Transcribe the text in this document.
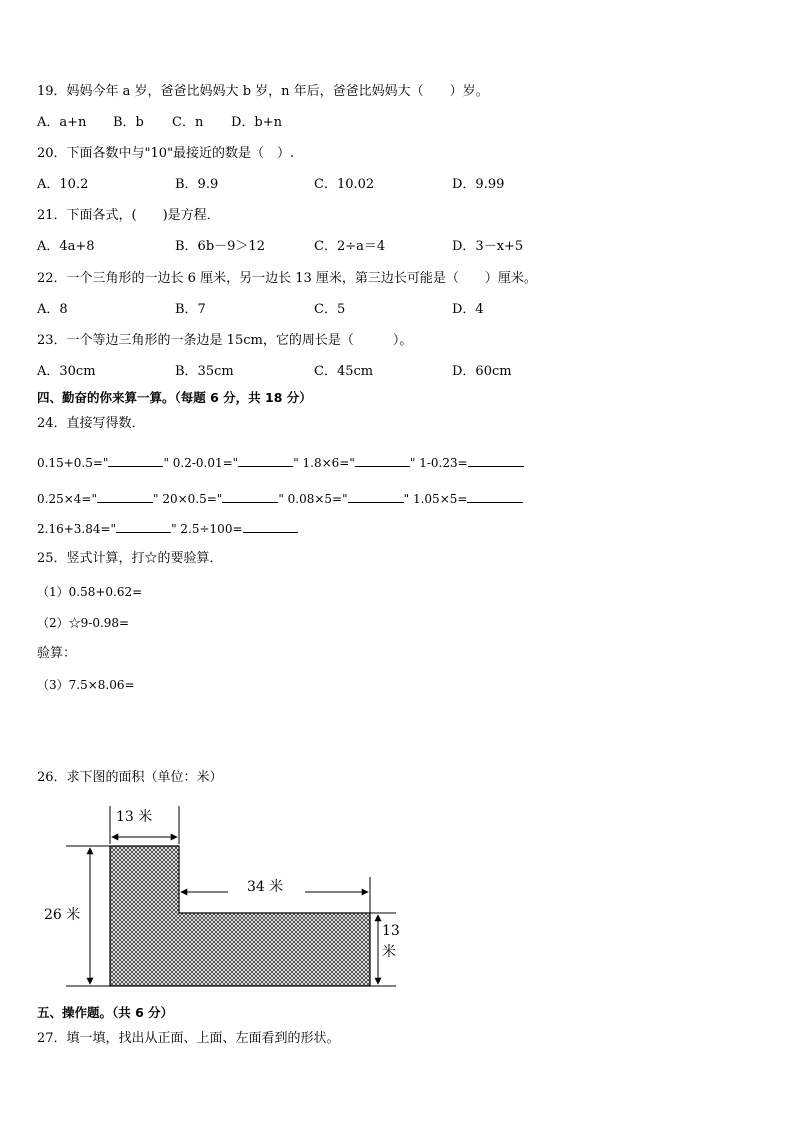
19．妈妈今年 a 岁，爸爸比妈妈大 b 岁，n 年后，爸爸比妈妈大（　　）岁。
A．a+n B．b C．n D．b+n
20．下面各数中与"10"最接近的数是（　）.
A．10.2	B．9.9	C．10.02	D．9.99
21．下面各式，(　　)是方程．
A．4a+8	B．6b－9＞12	C．2÷a＝4	D．3－x+5
22．一个三角形的一边长 6 厘米，另一边长 13 厘米，第三边长可能是（　　）厘米。
A．8	B．7	C．5	D．4
23．一个等边三角形的一条边是 15cm，它的周长是（　　　）。
A．30cm	B．35cm	C．45cm	D．60cm
四、勤奋的你来算一算。（每题 6 分，共 18 分）
24．直接写得数．
0.15+0.5="	" 0.2-0.01="	" 1.8×6="	" 1-0.23=
0.25×4="	" 20×0.5="	" 0.08×5="	" 1.05×5=
2.16+3.84="	" 2.5÷100=
25．竖式计算，打☆的要验算．
（1）0.58+0.62=
（2）☆9-0.98=
验算：
（3）7.5×8.06=
26．求下图的面积（单位：米）
13 米
26 米
34 米
13
米
五、操作题。（共 6 分）
27．填一填，找出从正面、上面、左面看到的形状。
